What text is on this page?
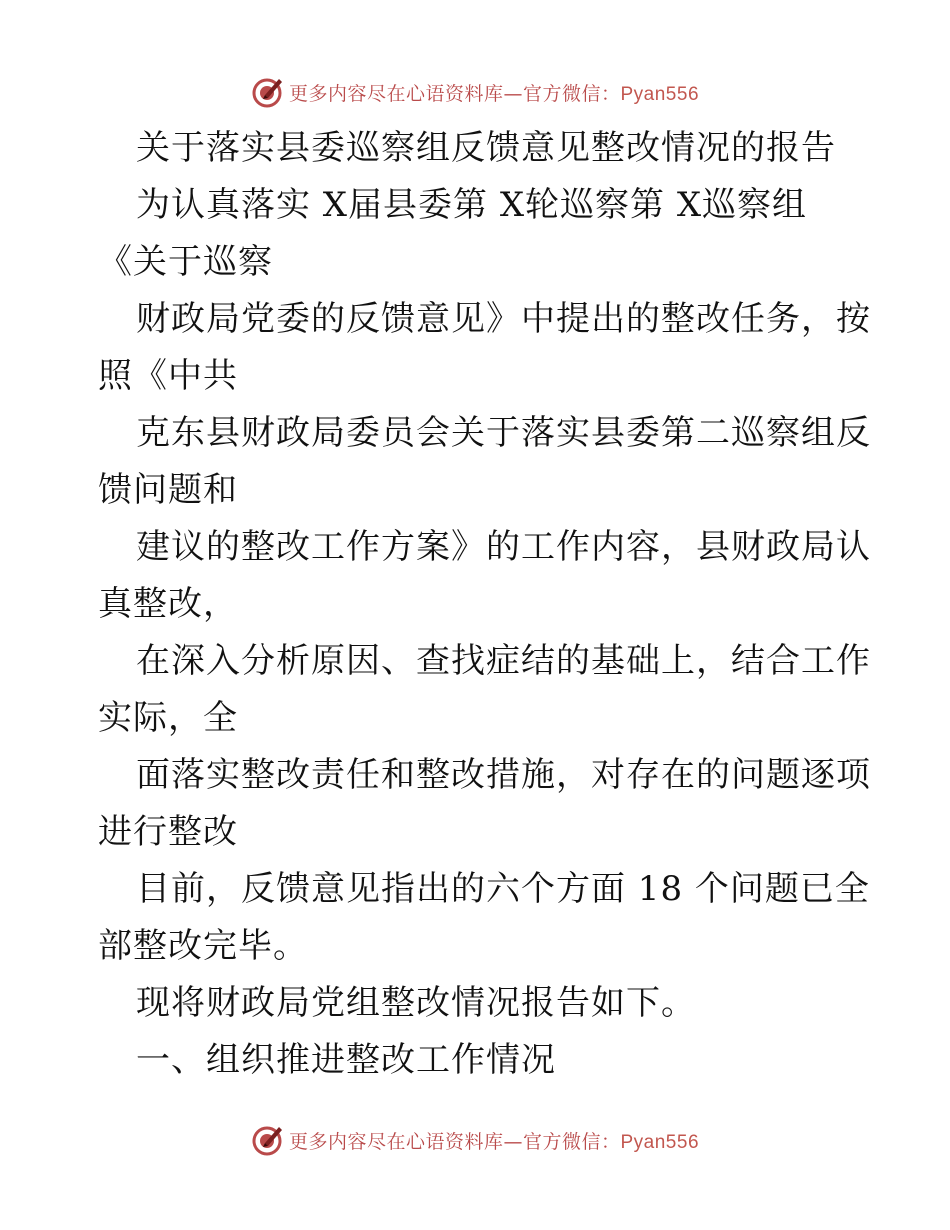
更多内容尽在心语资料库—官方微信：Pyan556
关于落实县委巡察组反馈意见整改情况的报告
为认真落实 X届县委第 X轮巡察第 X巡察组
《关于巡察
财政局党委的反馈意见》中提出的整改任务，按
照《中共
克东县财政局委员会关于落实县委第二巡察组反
馈问题和
建议的整改工作方案》的工作内容，县财政局认
真整改，
在深入分析原因、查找症结的基础上，结合工作
实际，全
面落实整改责任和整改措施，对存在的问题逐项
进行整改
目前，反馈意见指出的六个方面 18 个问题已全
部整改完毕。
现将财政局党组整改情况报告如下。
一、组织推进整改工作情况
更多内容尽在心语资料库—官方微信：Pyan556
